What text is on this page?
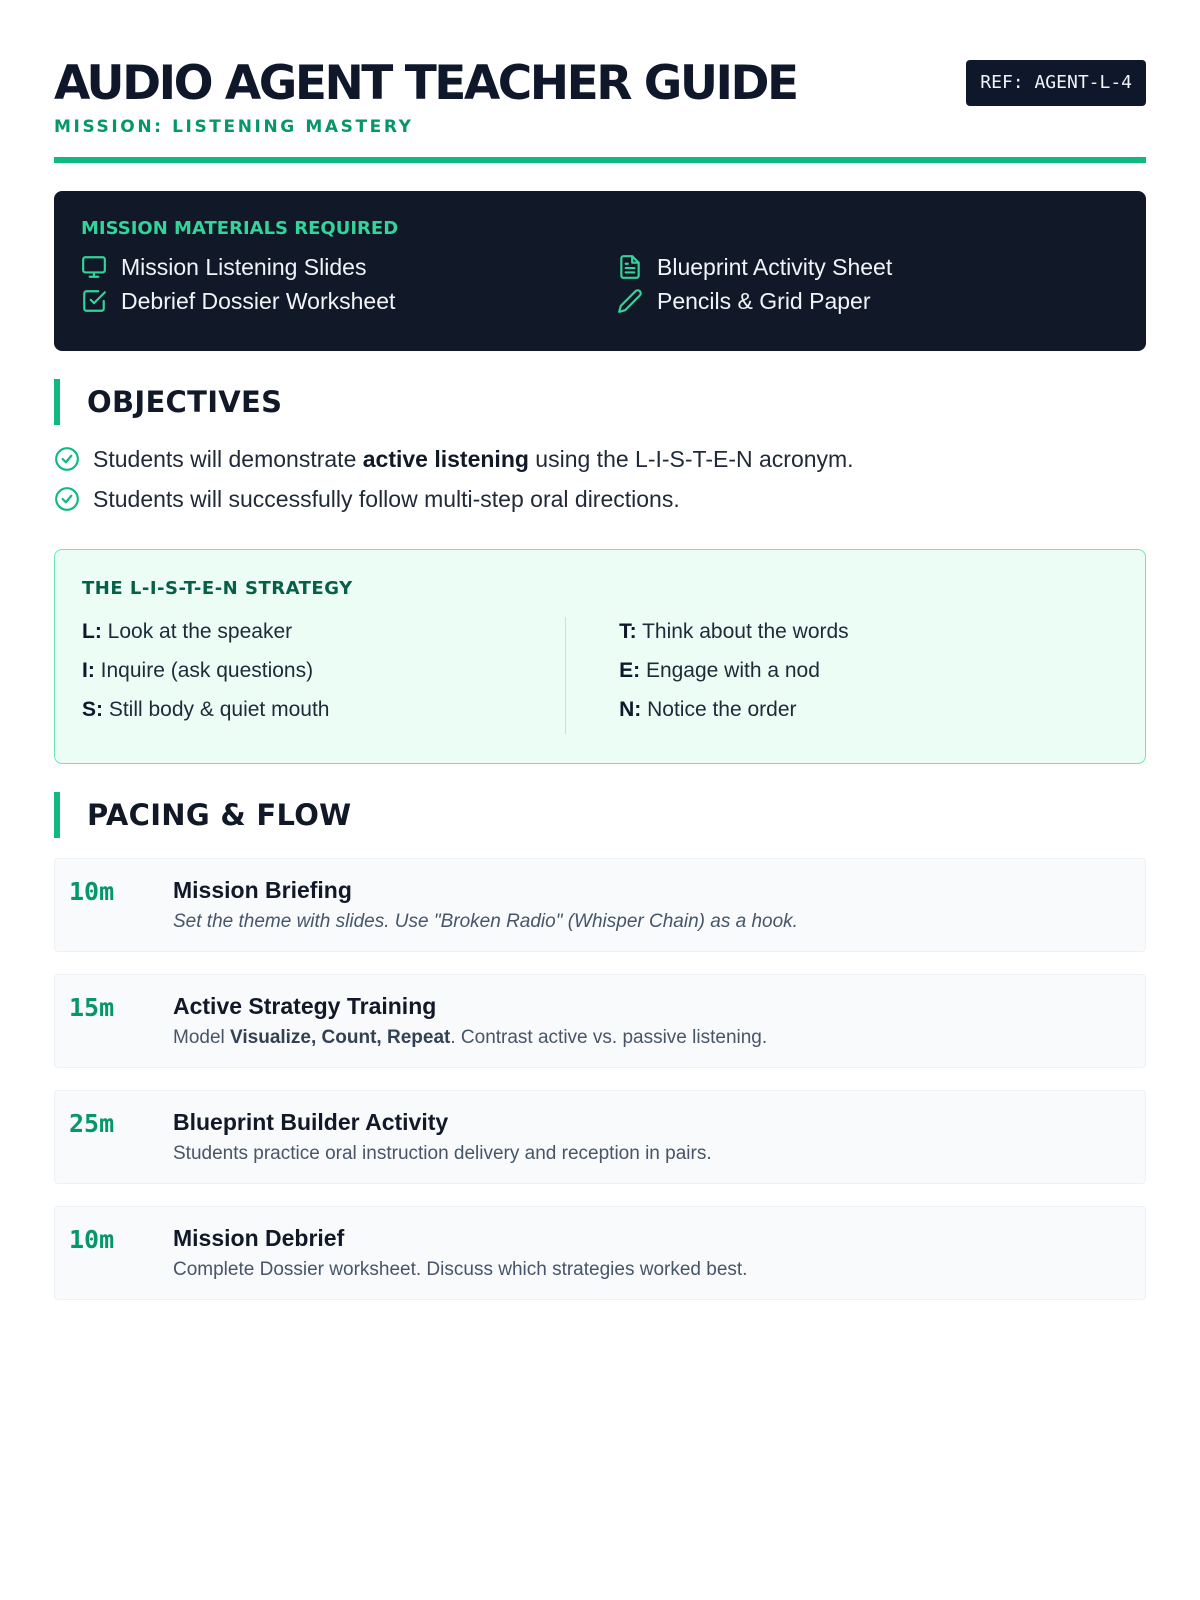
AUDIO AGENT TEACHER GUIDE
MISSION: LISTENING MASTERY
REF: AGENT-L-4
MISSION MATERIALS REQUIRED
Mission Listening Slides	Blueprint Activity Sheet
Debrief Dossier Worksheet	Pencils & Grid Paper
OBJECTIVES
Students will demonstrate active listening using the L-I-S-T-E-N acronym.
Students will successfully follow multi-step oral directions.
THE L-I-S-T-E-N STRATEGY
L: Look at the speaker
I: Inquire (ask questions)
S: Still body & quiet mouth
T: Think about the words
E: Engage with a nod
N: Notice the order
PACING & FLOW
10m	Mission Briefing
Set the theme with slides. Use "Broken Radio" (Whisper Chain) as a hook.
15m	Active Strategy Training
Model Visualize, Count, Repeat. Contrast active vs. passive listening.
25m	Blueprint Builder Activity
Students practice oral instruction delivery and reception in pairs.
10m	Mission Debrief
Complete Dossier worksheet. Discuss which strategies worked best.
